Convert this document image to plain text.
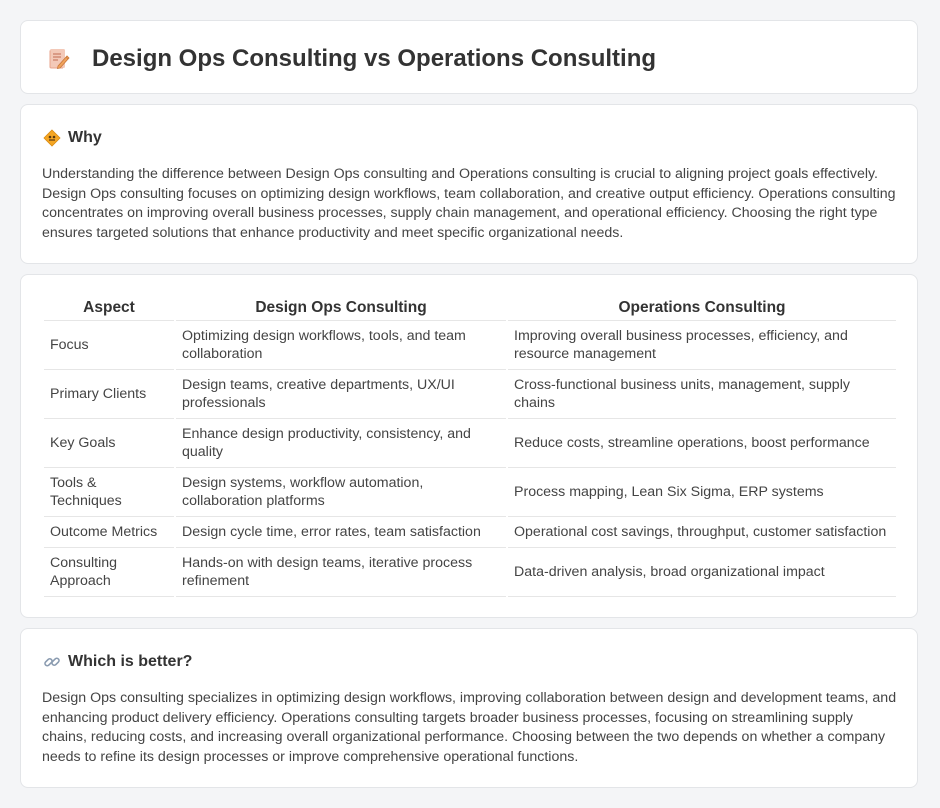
Design Ops Consulting vs Operations Consulting
Why

Understanding the difference between Design Ops consulting and Operations consulting is crucial to aligning project goals effectively. Design Ops consulting focuses on optimizing design workflows, team collaboration, and creative output efficiency. Operations consulting concentrates on improving overall business processes, supply chain management, and operational efficiency. Choosing the right type ensures targeted solutions that enhance productivity and meet specific organizational needs.

Aspect	Design Ops Consulting	Operations Consulting
Focus	Optimizing design workflows, tools, and team collaboration	Improving overall business processes, efficiency, and resource management
Primary Clients	Design teams, creative departments, UX/UI professionals	Cross-functional business units, management, supply chains
Key Goals	Enhance design productivity, consistency, and quality	Reduce costs, streamline operations, boost performance
Tools & Techniques	Design systems, workflow automation, collaboration platforms	Process mapping, Lean Six Sigma, ERP systems
Outcome Metrics	Design cycle time, error rates, team satisfaction	Operational cost savings, throughput, customer satisfaction
Consulting Approach	Hands-on with design teams, iterative process refinement	Data-driven analysis, broad organizational impact
Which is better?

Design Ops consulting specializes in optimizing design workflows, improving collaboration between design and development teams, and enhancing product delivery efficiency. Operations consulting targets broader business processes, focusing on streamlining supply chains, reducing costs, and increasing overall organizational performance. Choosing between the two depends on whether a company needs to refine its design processes or improve comprehensive operational functions.
